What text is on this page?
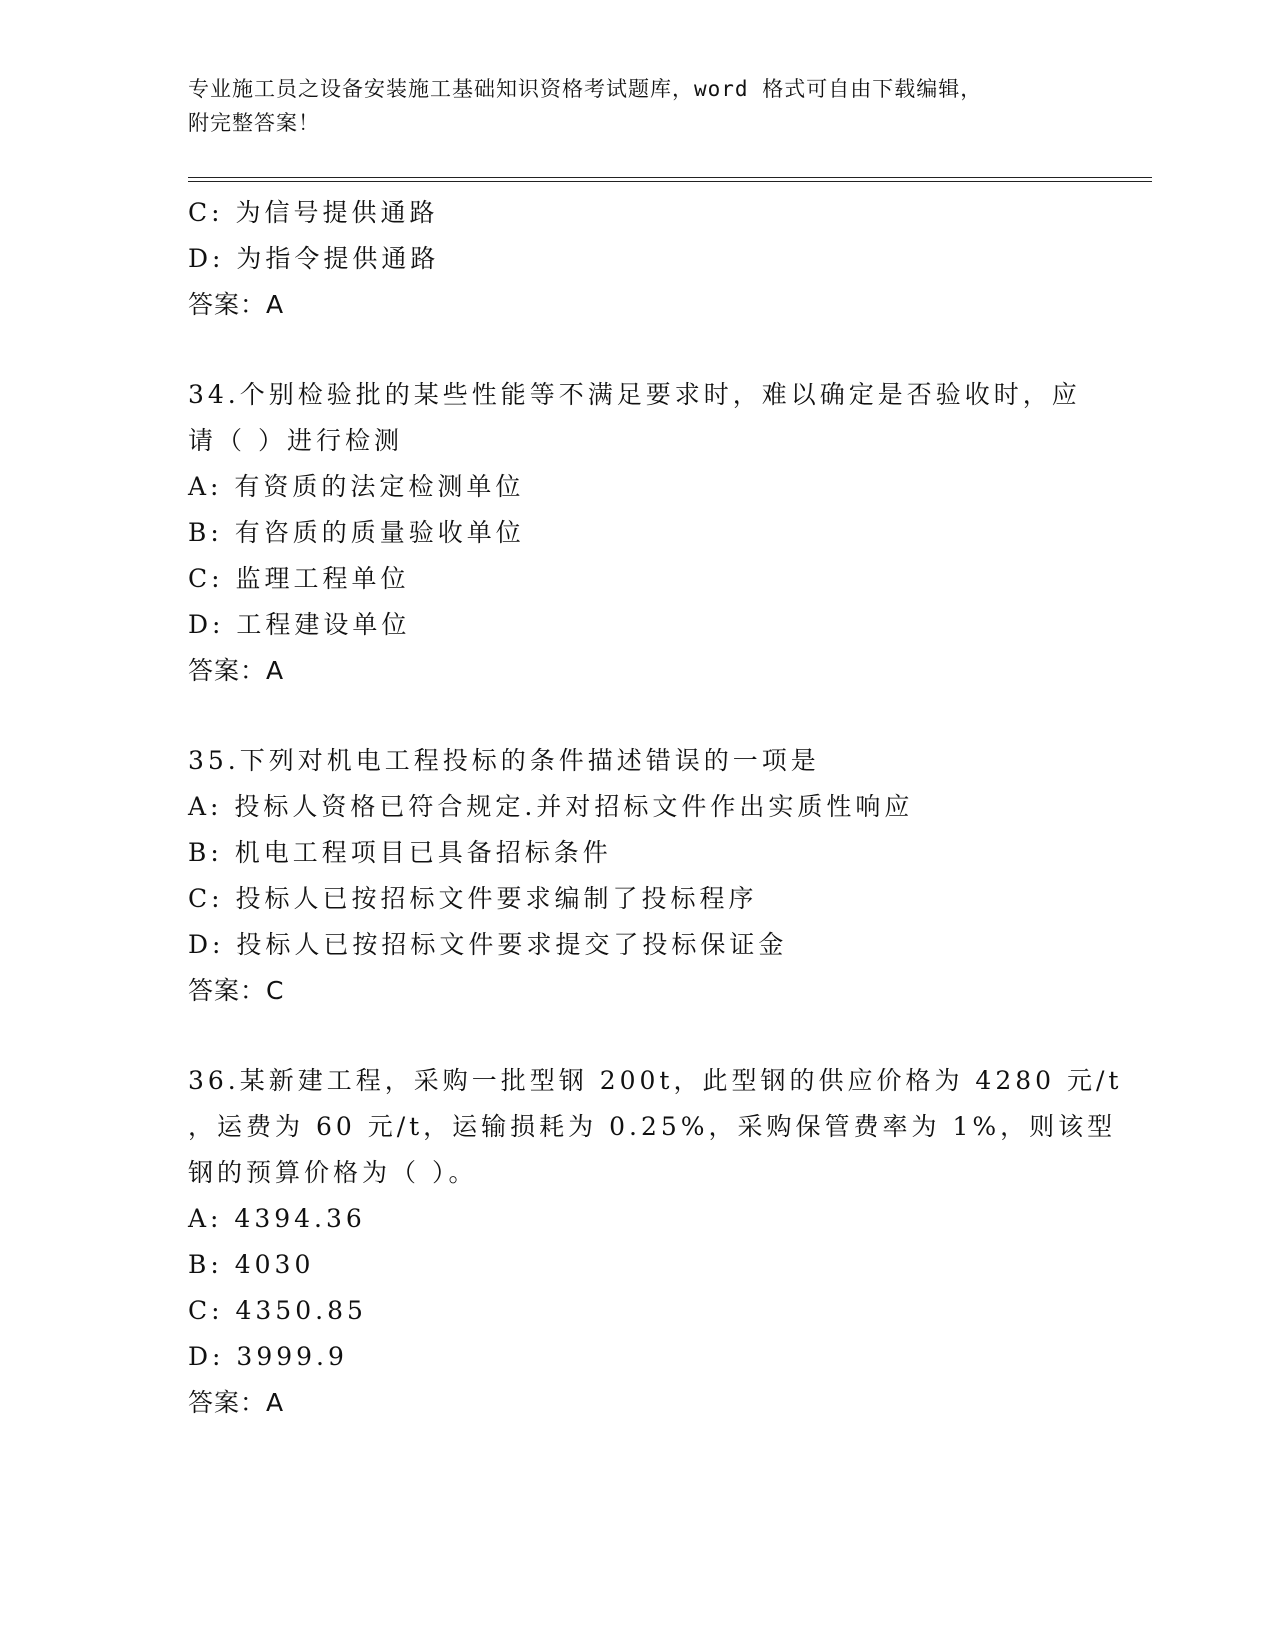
专业施工员之设备安装施工基础知识资格考试题库，word 格式可自由下载编辑，
附完整答案！
C: 为信号提供通路
D: 为指令提供通路
答案：A
34.个别检验批的某些性能等不满足要求时，难以确定是否验收时，应
请（ ）进行检测
A: 有资质的法定检测单位
B: 有咨质的质量验收单位
C: 监理工程单位
D: 工程建设单位
答案：A
35.下列对机电工程投标的条件描述错误的一项是
A: 投标人资格已符合规定.并对招标文件作出实质性响应
B: 机电工程项目已具备招标条件
C: 投标人已按招标文件要求编制了投标程序
D: 投标人已按招标文件要求提交了投标保证金
答案：C
36.某新建工程，采购一批型钢 200t，此型钢的供应价格为 4280 元/t
，运费为 60 元/t，运输损耗为 0.25%，采购保管费率为 1%，则该型
钢的预算价格为（ ）。
A: 4394.36
B: 4030
C: 4350.85
D: 3999.9
答案：A
